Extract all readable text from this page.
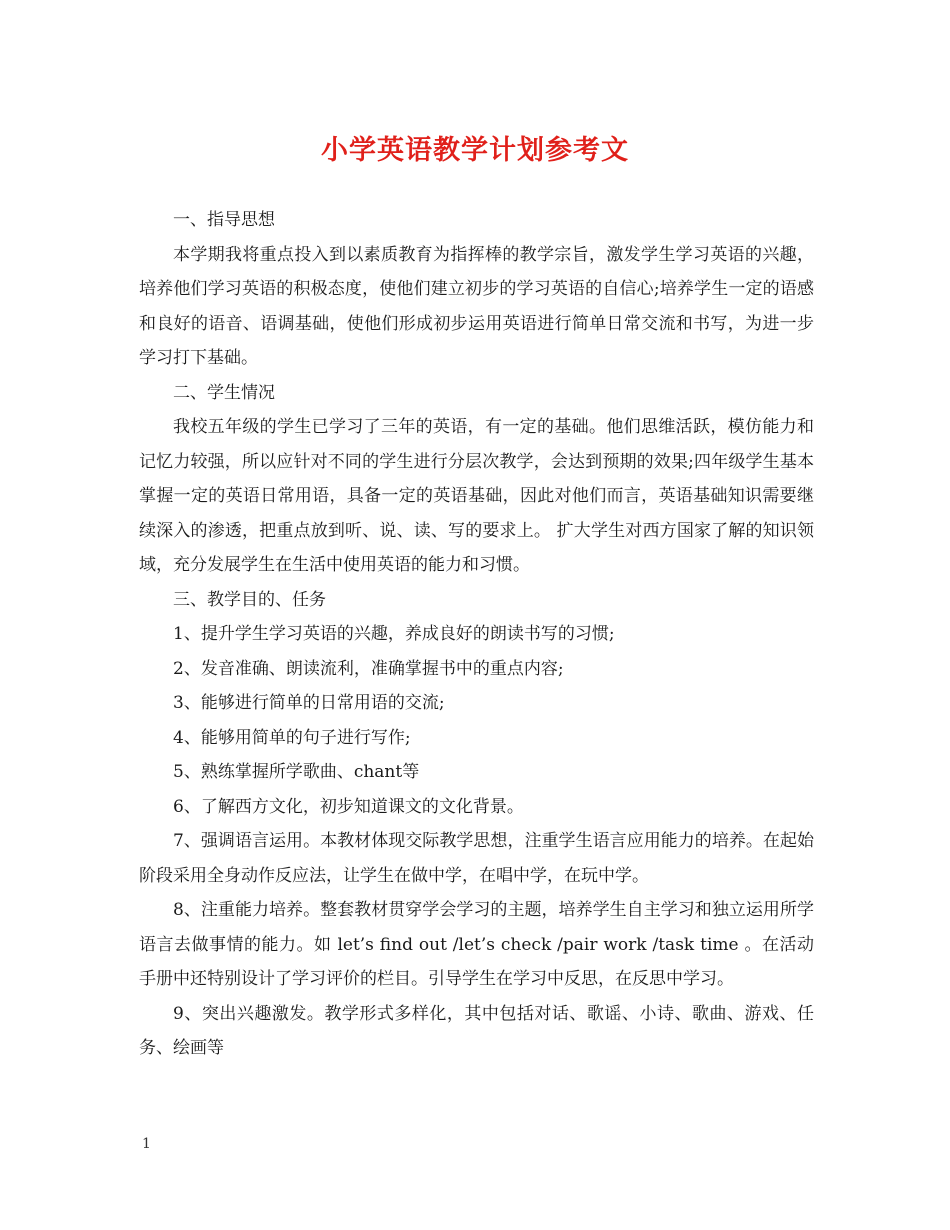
小学英语教学计划参考文

一、指导思想

本学期我将重点投入到以素质教育为指挥棒的教学宗旨，激发学生学习英语的兴趣，培养他们学习英语的积极态度，使他们建立初步的学习英语的自信心;培养学生一定的语感和良好的语音、语调基础，使他们形成初步运用英语进行简单日常交流和书写，为进一步学习打下基础。

二、学生情况

我校五年级的学生已学习了三年的英语，有一定的基础。他们思维活跃，模仿能力和记忆力较强，所以应针对不同的学生进行分层次教学，会达到预期的效果;四年级学生基本掌握一定的英语日常用语，具备一定的英语基础，因此对他们而言，英语基础知识需要继续深入的渗透，把重点放到听、说、读、写的要求上。 扩大学生对西方国家了解的知识领域，充分发展学生在生活中使用英语的能力和习惯。

三、教学目的、任务

1、提升学生学习英语的兴趣，养成良好的朗读书写的习惯;

2、发音准确、朗读流利，准确掌握书中的重点内容;

3、能够进行简单的日常用语的交流;

4、能够用简单的句子进行写作;

5、熟练掌握所学歌曲、chant等

6、了解西方文化，初步知道课文的文化背景。

7、强调语言运用。本教材体现交际教学思想，注重学生语言应用能力的培养。在起始阶段采用全身动作反应法，让学生在做中学，在唱中学，在玩中学。

8、注重能力培养。整套教材贯穿学会学习的主题，培养学生自主学习和独立运用所学语言去做事情的能力。如 let’s find out /let’s check /pair work /task time 。在活动手册中还特别设计了学习评价的栏目。引导学生在学习中反思，在反思中学习。

9、突出兴趣激发。教学形式多样化，其中包括对话、歌谣、小诗、歌曲、游戏、任务、绘画等

1
